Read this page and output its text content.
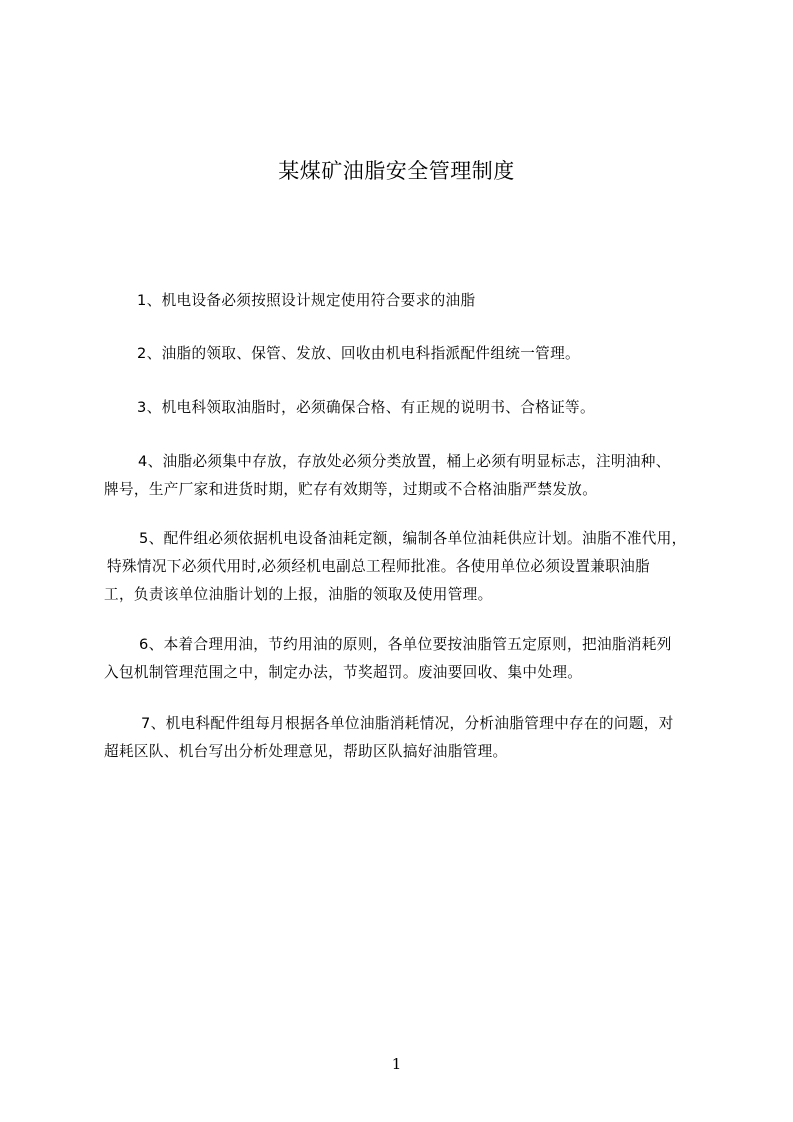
某煤矿油脂安全管理制度
1、机电设备必须按照设计规定使用符合要求的油脂
2、油脂的领取、保管、发放、回收由机电科指派配件组统一管理。
3、机电科领取油脂时，必须确保合格、有正规的说明书、合格证等。
4、油脂必须集中存放，存放处必须分类放置，桶上必须有明显标志，注明油种、
牌号，生产厂家和进货时期，贮存有效期等，过期或不合格油脂严禁发放。
5、配件组必须依据机电设备油耗定额，编制各单位油耗供应计划。油脂不准代用，
特殊情况下必须代用时,必须经机电副总工程师批准。各使用单位必须设置兼职油脂
工，负责该单位油脂计划的上报，油脂的领取及使用管理。
6、本着合理用油，节约用油的原则，各单位要按油脂管五定原则，把油脂消耗列
入包机制管理范围之中，制定办法，节奖超罚。废油要回收、集中处理。
7、机电科配件组每月根据各单位油脂消耗情况，分析油脂管理中存在的问题，对
超耗区队、机台写出分析处理意见，帮助区队搞好油脂管理。
1
